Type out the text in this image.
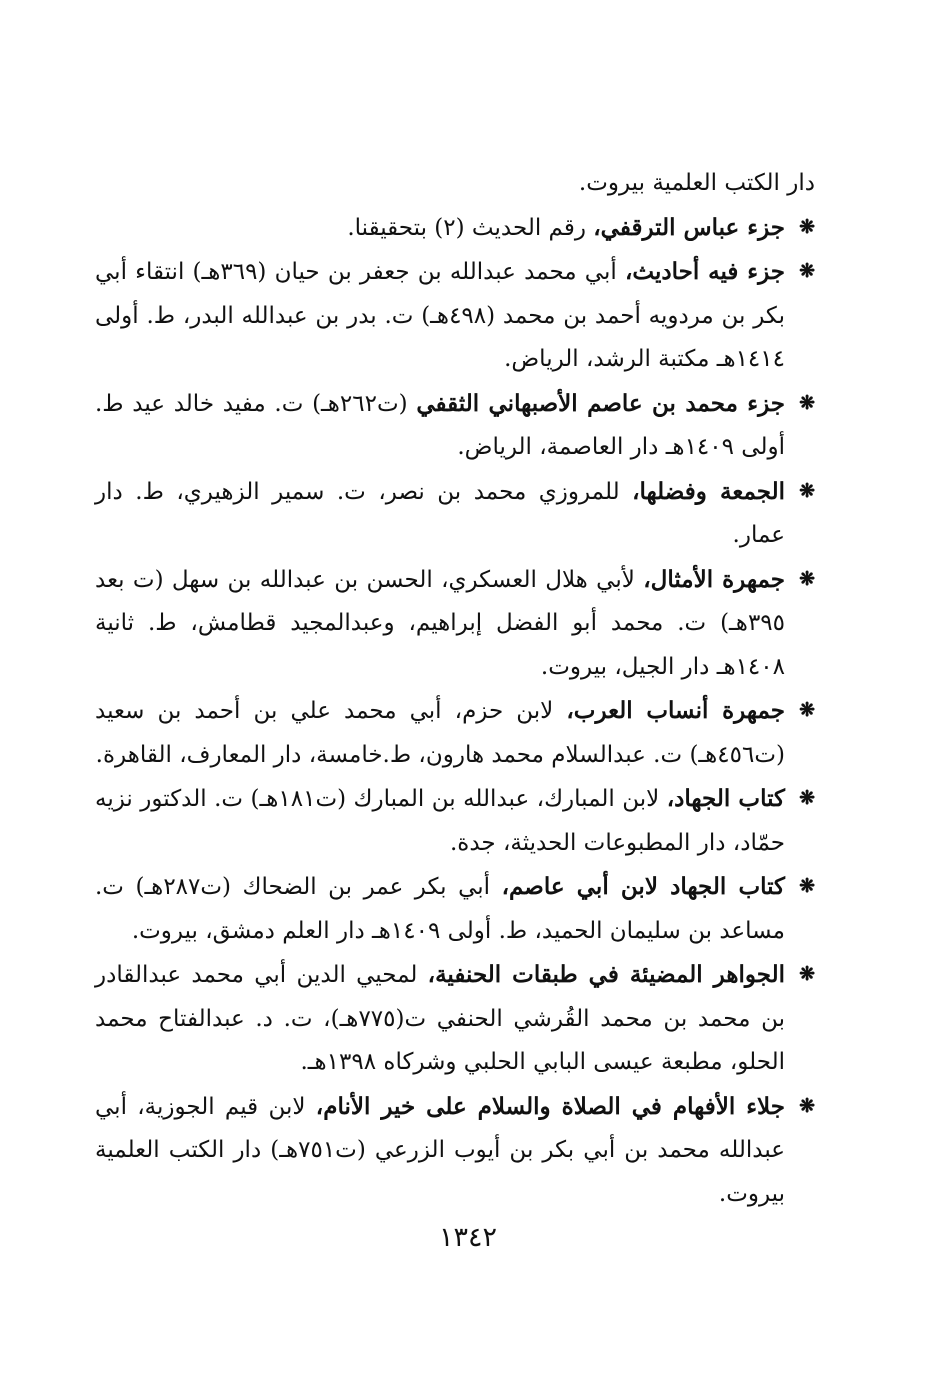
دار الكتب العلمية بيروت.

❋
جزء عباس الترقفي، رقم الحديث (٢) بتحقيقنا.

❋
جزء فيه أحاديث، أبي محمد عبدالله بن جعفر بن حيان (٣٦٩هـ) انتقاء أبي بكر بن مردويه أحمد بن محمد (٤٩٨هـ) ت. بدر بن عبدالله البدر، ط. أولى ١٤١٤هـ مكتبة الرشد، الرياض.

❋
جزء محمد بن عاصم الأصبهاني الثقفي (ت٢٦٢هـ) ت. مفيد خالد عيد ط. أولى ١٤٠٩هـ دار العاصمة، الرياض.

❋
الجمعة وفضلها، للمروزي محمد بن نصر، ت. سمير الزهيري، ط. دار عمار.

❋
جمهرة الأمثال، لأبي هلال العسكري، الحسن بن عبدالله بن سهل (ت بعد ٣٩٥هـ) ت. محمد أبو الفضل إبراهيم، وعبدالمجيد قطامش، ط. ثانية ١٤٠٨هـ دار الجيل، بيروت.

❋
جمهرة أنساب العرب، لابن حزم، أبي محمد علي بن أحمد بن سعيد (ت٤٥٦هـ) ت. عبدالسلام محمد هارون، ط.خامسة، دار المعارف، القاهرة.

❋
كتاب الجهاد، لابن المبارك، عبدالله بن المبارك (ت١٨١هـ) ت. الدكتور نزيه حمّاد، دار المطبوعات الحديثة، جدة.

❋
كتاب الجهاد لابن أبي عاصم، أبي بكر عمر بن الضحاك (ت٢٨٧هـ) ت. مساعد بن سليمان الحميد، ط. أولى ١٤٠٩هـ دار العلم دمشق، بيروت.

❋
الجواهر المضيئة في طبقات الحنفية، لمحيي الدين أبي محمد عبدالقادر بن محمد بن محمد القُرشي الحنفي ت(٧٧٥هـ)، ت. د. عبدالفتاح محمد الحلو، مطبعة عيسى البابي الحلبي وشركاه ١٣٩٨هـ.

❋
جلاء الأفهام في الصلاة والسلام على خير الأنام، لابن قيم الجوزية، أبي عبدالله محمد بن أبي بكر بن أيوب الزرعي (ت٧٥١هـ) دار الكتب العلمية بيروت.

١٣٤٢
